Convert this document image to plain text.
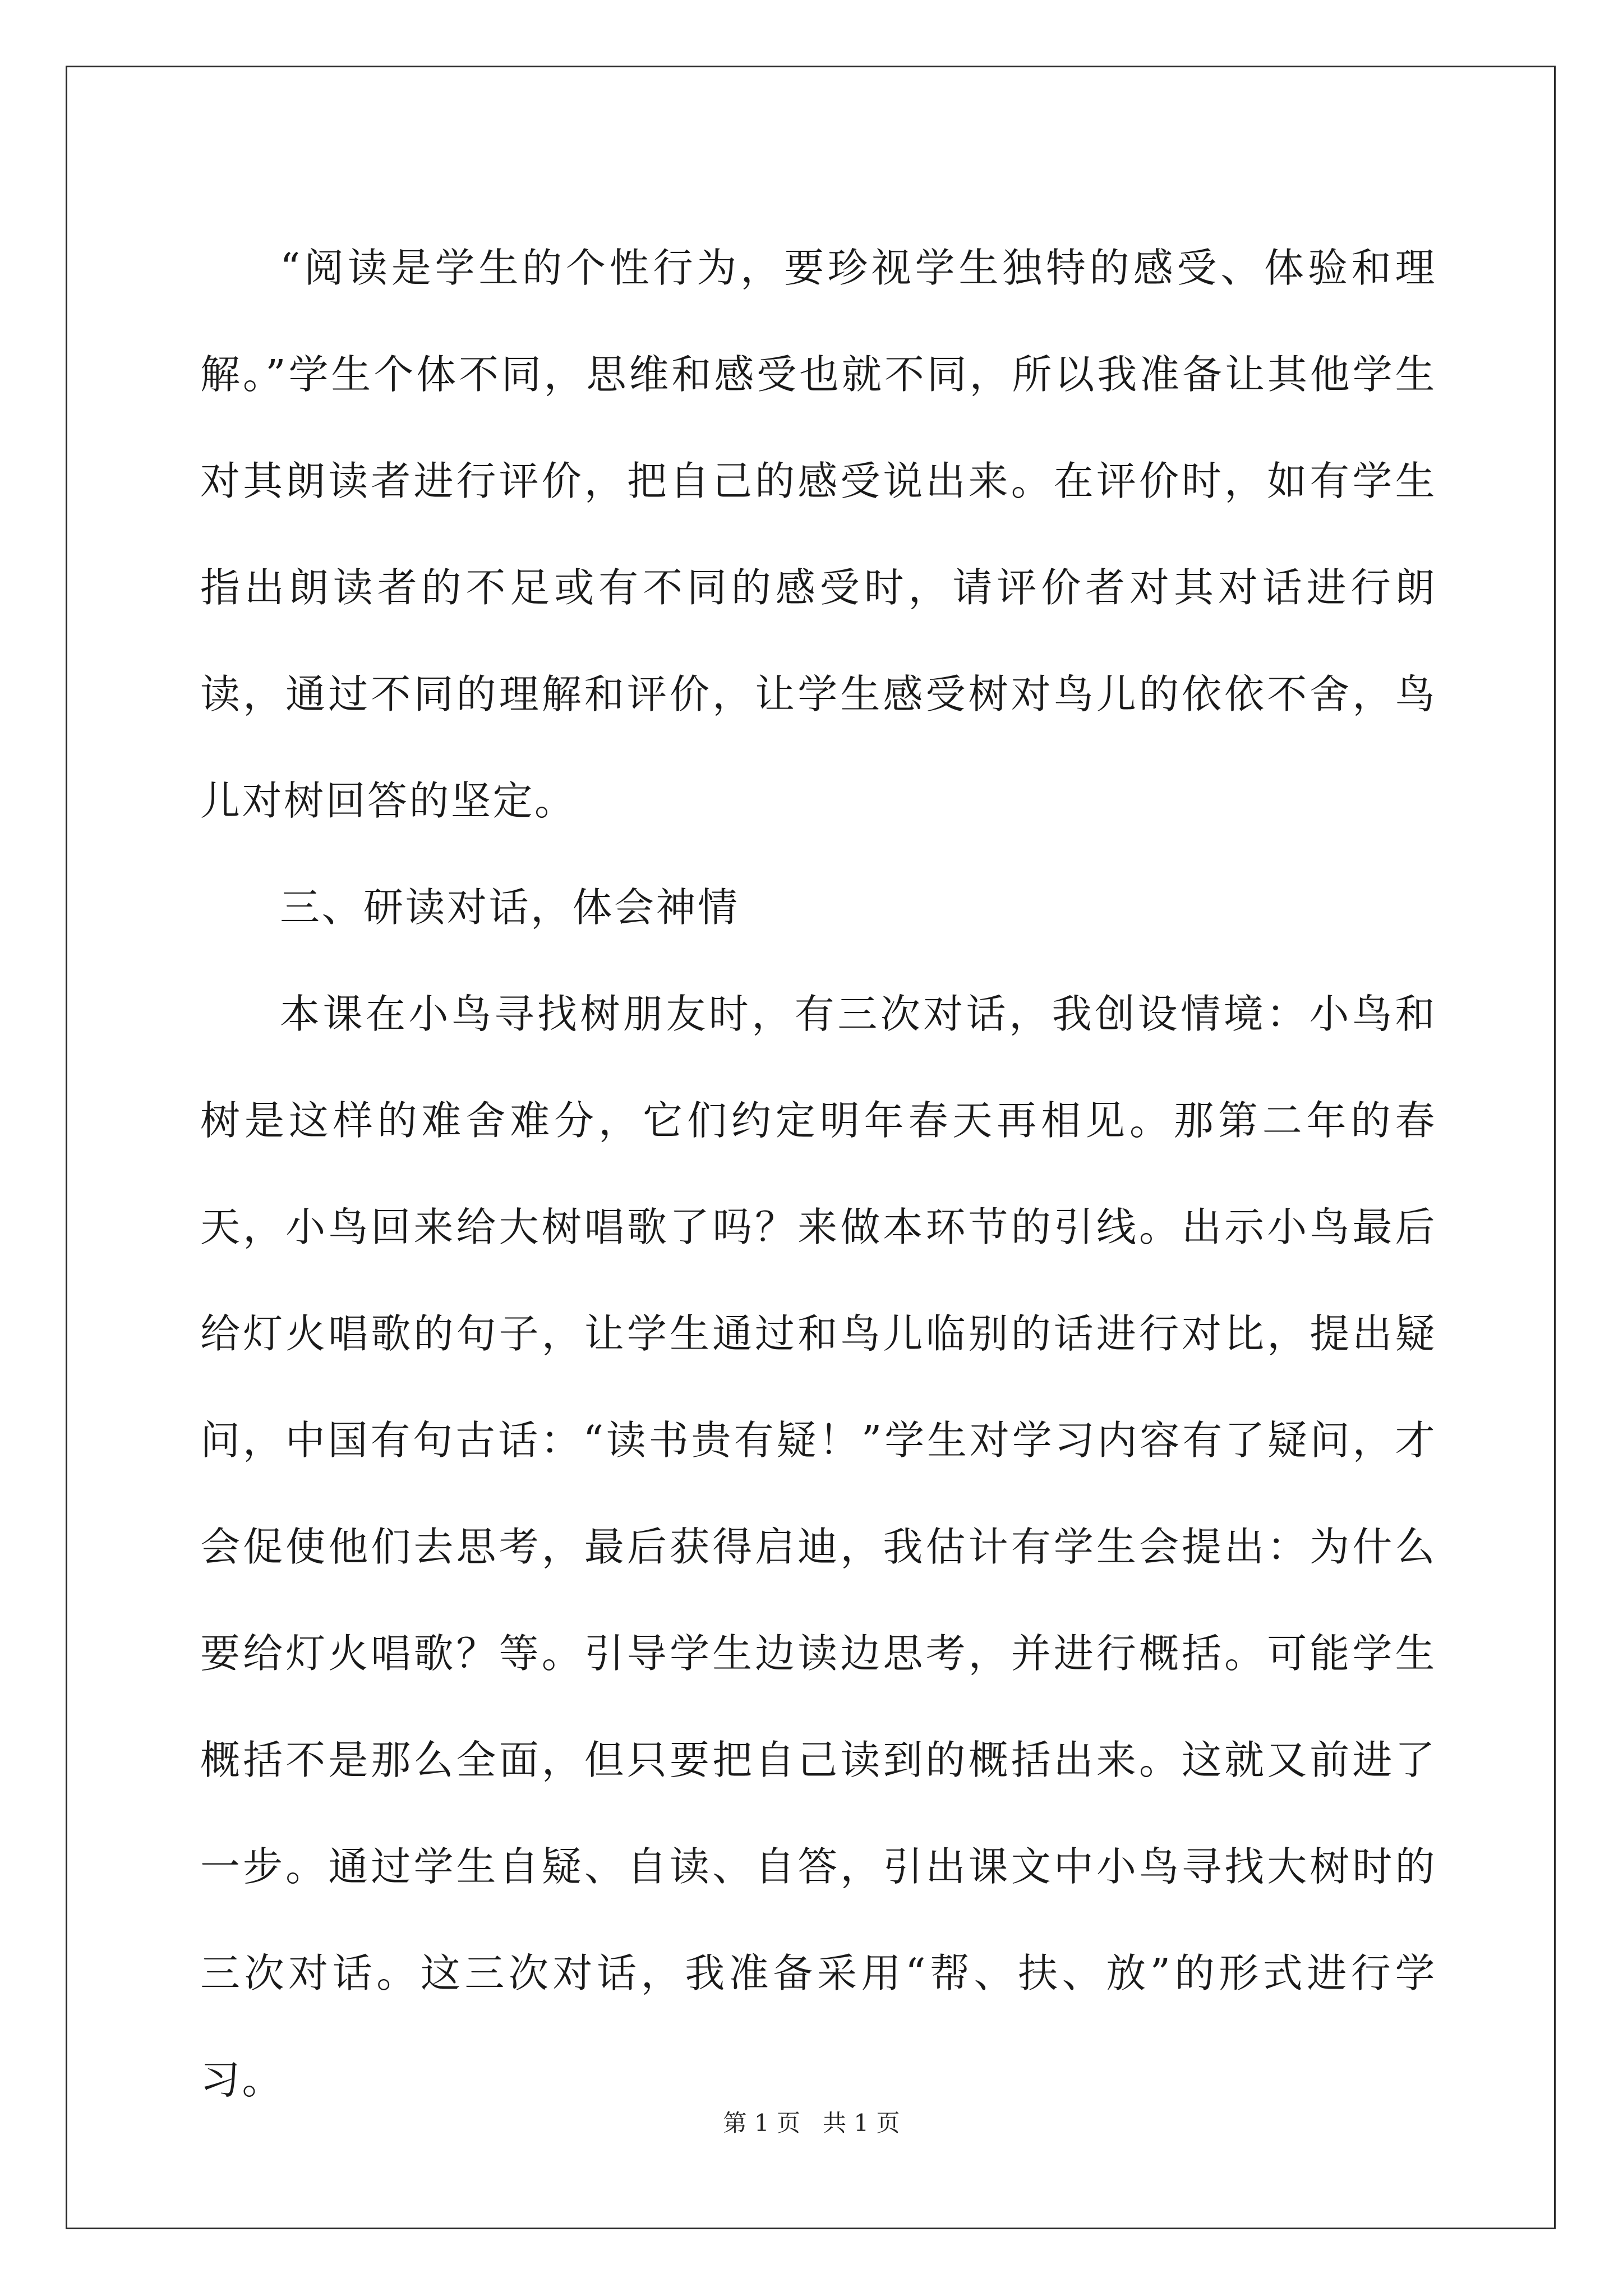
“阅读是学生的个性行为，要珍视学生独特的感受、体验和理解。”学生个体不同，思维和感受也就不同，所以我准备让其他学生对其朗读者进行评价，把自己的感受说出来。在评价时，如有学生指出朗读者的不足或有不同的感受时，请评价者对其对话进行朗读，通过不同的理解和评价，让学生感受树对鸟儿的依依不舍，鸟儿对树回答的坚定。

三、研读对话，体会神情

本课在小鸟寻找树朋友时，有三次对话，我创设情境：小鸟和树是这样的难舍难分，它们约定明年春天再相见。那第二年的春天，小鸟回来给大树唱歌了吗？来做本环节的引线。出示小鸟最后给灯火唱歌的句子，让学生通过和鸟儿临别的话进行对比，提出疑问，中国有句古话：“读书贵有疑！”学生对学习内容有了疑问，才会促使他们去思考，最后获得启迪，我估计有学生会提出：为什么要给灯火唱歌？等。引导学生边读边思考，并进行概括。可能学生概括不是那么全面，但只要把自己读到的概括出来。这就又前进了一步。通过学生自疑、自读、自答，引出课文中小鸟寻找大树时的三次对话。这三次对话，我准备采用“帮、扶、放”的形式进行学习。

第 1 页 共 1 页
